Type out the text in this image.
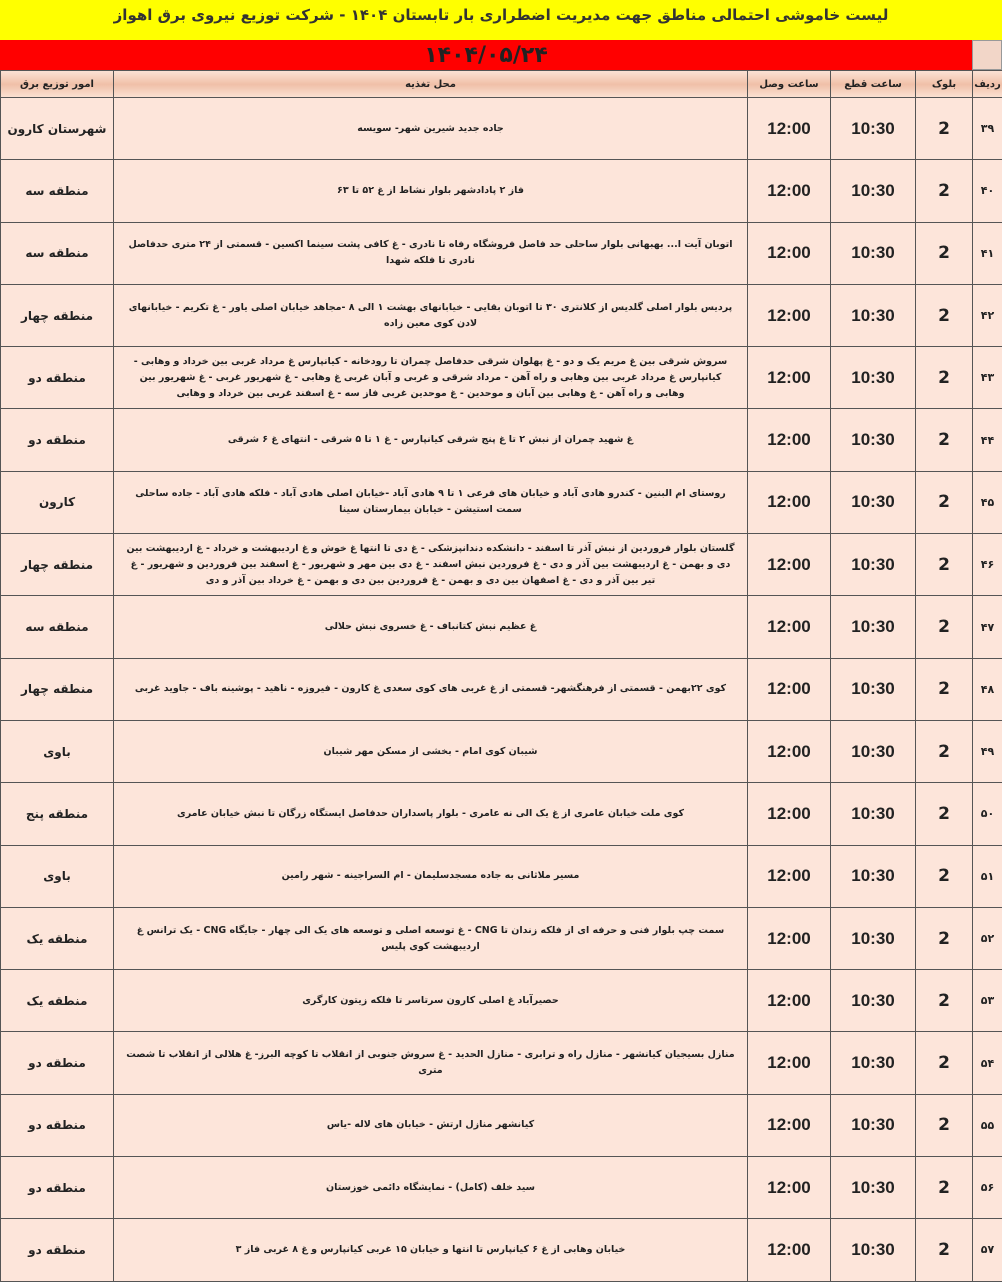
لیست خاموشی احتمالی مناطق جهت مدیریت اضطراری بار تابستان ۱۴۰۴ - شرکت توزیع نیروی برق اهواز
۱۴۰۴/۰۵/۲۴
ردیف	بلوک	ساعت قطع	ساعت وصل	محل تغذیه	امور توزیع برق
۳۹	2	10:30	12:00	جاده جدید شیرین شهر- سویسه	شهرستان کارون
۴۰	2	10:30	12:00	فاز ۲ پادادشهر بلوار نشاط از غ ۵۲ تا ۶۳	منطقه سه
۴۱	2	10:30	12:00	اتوبان آیت ا... بهبهانی بلوار ساحلی حد فاصل فروشگاه رفاه تا نادری - غ کافی پشت سینما اکسین - قسمتی از ۲۴ متری حدفاصل نادری تا فلکه شهدا	منطقه سه
۴۲	2	10:30	12:00	پردیس بلوار اصلی گلدیس از کلانتری ۳۰ تا اتوبان بقایی - خیابانهای بهشت ۱ الی ۸ -مجاهد خیابان اصلی یاور - غ تکریم - خیابانهای لادن کوی معین زاده	منطقه چهار
۴۳	2	10:30	12:00	سروش شرقی بین غ مریم یک و دو - غ پهلوان شرقی حدفاصل چمران تا رودخانه - کیانپارس غ مرداد غربی بین خرداد و وهابی - کیانپارس غ مرداد غربی بین وهابی و راه آهن - مرداد شرقی و غربی و آبان غربی غ وهابی - غ شهریور غربی - غ شهریور بین وهابی و راه آهن - غ وهابی بین آبان و موحدین - غ موحدین غربی فاز سه - غ اسفند غربی بین خرداد و وهابی	منطقه دو
۴۴	2	10:30	12:00	غ شهید چمران از نبش ۲ تا غ پنج شرقی کیانپارس - غ ۱ تا ۵ شرقی - انتهای غ ۶ شرقی	منطقه دو
۴۵	2	10:30	12:00	روستای ام البنین - کندرو هادی آباد و خیابان های فرعی ۱ تا ۹ هادی آباد -خیابان اصلی هادی آباد - فلکه هادی آباد - جاده ساحلی سمت استیشن - خیابان بیمارستان سینا	کارون
۴۶	2	10:30	12:00	گلستان بلوار فروردین از نبش آذر تا اسفند - دانشکده دندانپزشکی - غ دی تا انتها غ خوش و غ اردیبهشت و خرداد - غ اردیبهشت بین دی و بهمن - غ اردیبهشت بین آذر و دی - غ فروردین نبش اسفند - غ دی بین مهر و شهریور - غ اسفند بین فروردین و شهریور - غ تیر بین آذر و دی - غ اصفهان بین دی و بهمن - غ فروردین بین دی و بهمن - غ خرداد بین آذر و دی	منطقه چهار
۴۷	2	10:30	12:00	غ عظیم نبش کتانباف - غ خسروی نبش حلالی	منطقه سه
۴۸	2	10:30	12:00	کوی ۲۲بهمن - قسمتی از فرهنگشهر- قسمتی از غ غربی های کوی سعدی غ کارون - فیروزه - ناهید - پوشینه باف - جاوید غربی	منطقه چهار
۴۹	2	10:30	12:00	شیبان کوی امام - بخشی از مسکن مهر شیبان	باوی
۵۰	2	10:30	12:00	کوی ملت خیابان عامری از غ یک الی نه عامری - بلوار پاسداران حدفاصل ایستگاه زرگان تا نبش خیابان عامری	منطقه پنج
۵۱	2	10:30	12:00	مسیر ملاثانی به جاده مسجدسلیمان - ام السراجینه - شهر رامین	باوی
۵۲	2	10:30	12:00	سمت چپ بلوار فنی و حرفه ای از فلکه زندان تا CNG - غ توسعه اصلی و توسعه های یک الی چهار - جایگاه CNG - یک ترانس غ اردیبهشت کوی پلیس	منطقه یک
۵۳	2	10:30	12:00	حصیرآباد غ اصلی کارون سرتاسر تا فلکه زیتون کارگری	منطقه یک
۵۴	2	10:30	12:00	منازل بسیجیان کیانشهر - منازل راه و ترابری - منازل الحدید - غ سروش جنوبی از انقلاب تا کوچه البرز- غ هلالی از انقلاب تا شصت متری	منطقه دو
۵۵	2	10:30	12:00	کیانشهر منازل ارتش - خیابان های لاله -یاس	منطقه دو
۵۶	2	10:30	12:00	سید خلف (کامل) - نمایشگاه دائمی خوزستان	منطقه دو
۵۷	2	10:30	12:00	خیابان وهابی از غ ۶ کیانپارس تا انتها و خیابان ۱۵ غربی کیانپارس و غ ۸ غربی فاز ۳	منطقه دو
